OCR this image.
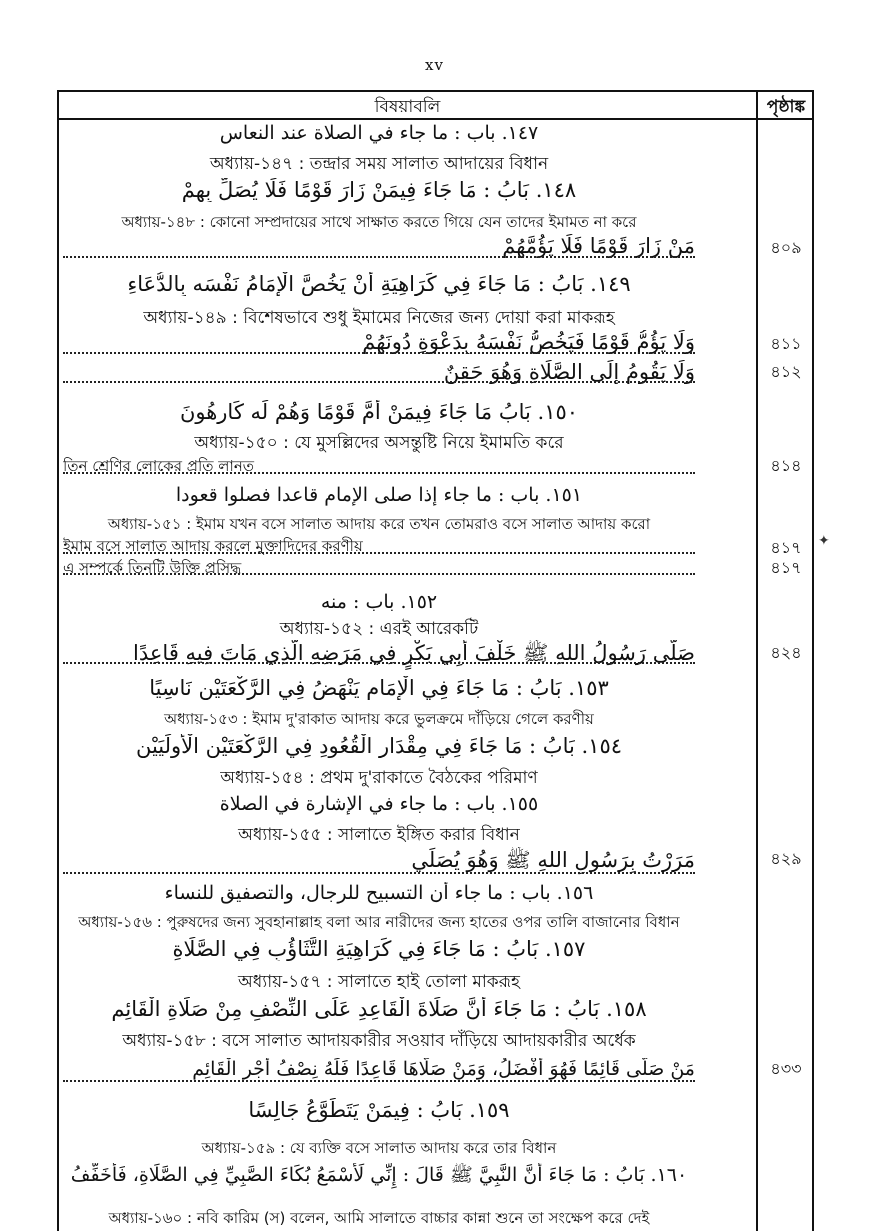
xv
বিষয়াবলি	পৃষ্ঠাঙ্ক
١٤٧. باب : ما جاء في الصلاة عند النعاس
অধ্যায়-১৪৭ : তন্দ্রার সময় সালাত আদায়ের বিধান
١٤٨. بَابُ : مَا جَاءَ فِيمَنْ زَارَ قَوْمًا فَلَا يُصَلِّ بِهِمْ
অধ্যায়-১৪৮ : কোনো সম্প্রদায়ের সাথে সাক্ষাত করতে গিয়ে যেন তাদের ইমামত না করে
مَنْ زَارَ قَوْمًا فَلَا يَؤُمَّهُمْ	৪০৯
١٤٩. بَابُ : مَا جَاءَ فِي كَرَاهِيَةِ أَنْ يَخُصَّ الْإِمَامُ نَفْسَه بِالدُّعَاءِ
অধ্যায়-১৪৯ : বিশেষভাবে শুধু ইমামের নিজের জন্য দোয়া করা মাকরূহ
وَلَا يَؤُمُّ قَوْمًا فَيَخُصُّ نَفْسَهُ بِدَعْوَةٍ دُونَهُمْ	৪১১
وَلَا يَقُومُ إِلَى الصَّلَاةِ وَهُوَ حَقِنٌ	৪১২
١٥٠. بَابُ مَا جَاءَ فِيمَنْ أَمَّ قَوْمًا وَهُمْ لَه كَارِهُونَ
অধ্যায়-১৫০ : যে মুসল্লিদের অসন্তুষ্টি নিয়ে ইমামতি করে
তিন শ্রেণির লোকের প্রতি লানত	৪১৪
١٥١. باب : ما جاء إذا صلى الإمام قاعدا فصلوا قعودا
অধ্যায়-১৫১ : ইমাম যখন বসে সালাত আদায় করে তখন তোমরাও বসে সালাত আদায় করো
ইমাম বসে সালাত আদায় করলে মুক্তাদিদের করণীয়	৪১৭
এ সম্পর্কে তিনটি উক্তি প্রসিদ্ধ	৪১৭
١٥٢. باب : منه
অধ্যায়-১৫২ : এরই আরেকটি
صَلَّى رَسُولُ اللهِ ﷺ خَلْفَ أَبِي بَكْرٍ فِي مَرَضِهِ الَّذِي مَاتَ فِيهِ قَاعِدًا	৪২৪
١٥٣. بَابُ : مَا جَاءَ فِي الْإِمَامِ يَنْهَضُ فِي الرَّكْعَتَيْنِ نَاسِيًا
অধ্যায়-১৫৩ : ইমাম দু'রাকাত আদায় করে ভুলক্রমে দাঁড়িয়ে গেলে করণীয়
١٥٤. بَابُ : مَا جَاءَ فِي مِقْدَارِ الْقُعُودِ فِي الرَّكْعَتَيْنِ الْأُولَيَيْنِ
অধ্যায়-১৫৪ : প্রথম দু'রাকাতে বৈঠকের পরিমাণ
١٥٥. باب : ما جاء في الإشارة في الصلاة
অধ্যায়-১৫৫ : সালাতে ইঙ্গিত করার বিধান
مَرَرْتُ بِرَسُولِ اللهِ ﷺ وَهُوَ يُصَلِّي	৪২৯
١٥٦. باب : ما جاء أن التسبيح للرجال، والتصفيق للنساء
অধ্যায়-১৫৬ : পুরুষদের জন্য সুবহানাল্লাহ বলা আর নারীদের জন্য হাতের ওপর তালি বাজানোর বিধান
١٥٧. بَابُ : مَا جَاءَ فِي كَرَاهِيَةِ التَّثَاؤُبِ فِي الصَّلَاةِ
অধ্যায়-১৫৭ : সালাতে হাই তোলা মাকরূহ
١٥٨. بَابُ : مَا جَاءَ أَنَّ صَلَاةَ الْقَاعِدِ عَلَى النِّصْفِ مِنْ صَلَاةِ الْقَائِمِ
অধ্যায়-১৫৮ : বসে সালাত আদায়কারীর সওয়াব দাঁড়িয়ে আদায়কারীর অর্ধেক
مَنْ صَلَّى قَائِمًا فَهُوَ أَفْضَلُ، وَمَنْ صَلَّاهَا قَاعِدًا فَلَهُ نِصْفُ أَجْرِ الْقَائِمِ	৪৩৩
١٥٩. بَابُ : فِيمَنْ يَتَطَوَّعُ جَالِسًا
অধ্যায়-১৫৯ : যে ব্যক্তি বসে সালাত আদায় করে তার বিধান
١٦٠. بَابُ : مَا جَاءَ أَنَّ النَّبِيَّ ﷺ قَالَ : إِنِّي لَأَسْمَعُ بُكَاءَ الصَّبِيِّ فِي الصَّلَاةِ، فَأُخَفِّفُ
অধ্যায়-১৬০ : নবি কারিম (স) বলেন, আমি সালাতে বাচ্চার কান্না শুনে তা সংক্ষেপ করে দেই
✦
